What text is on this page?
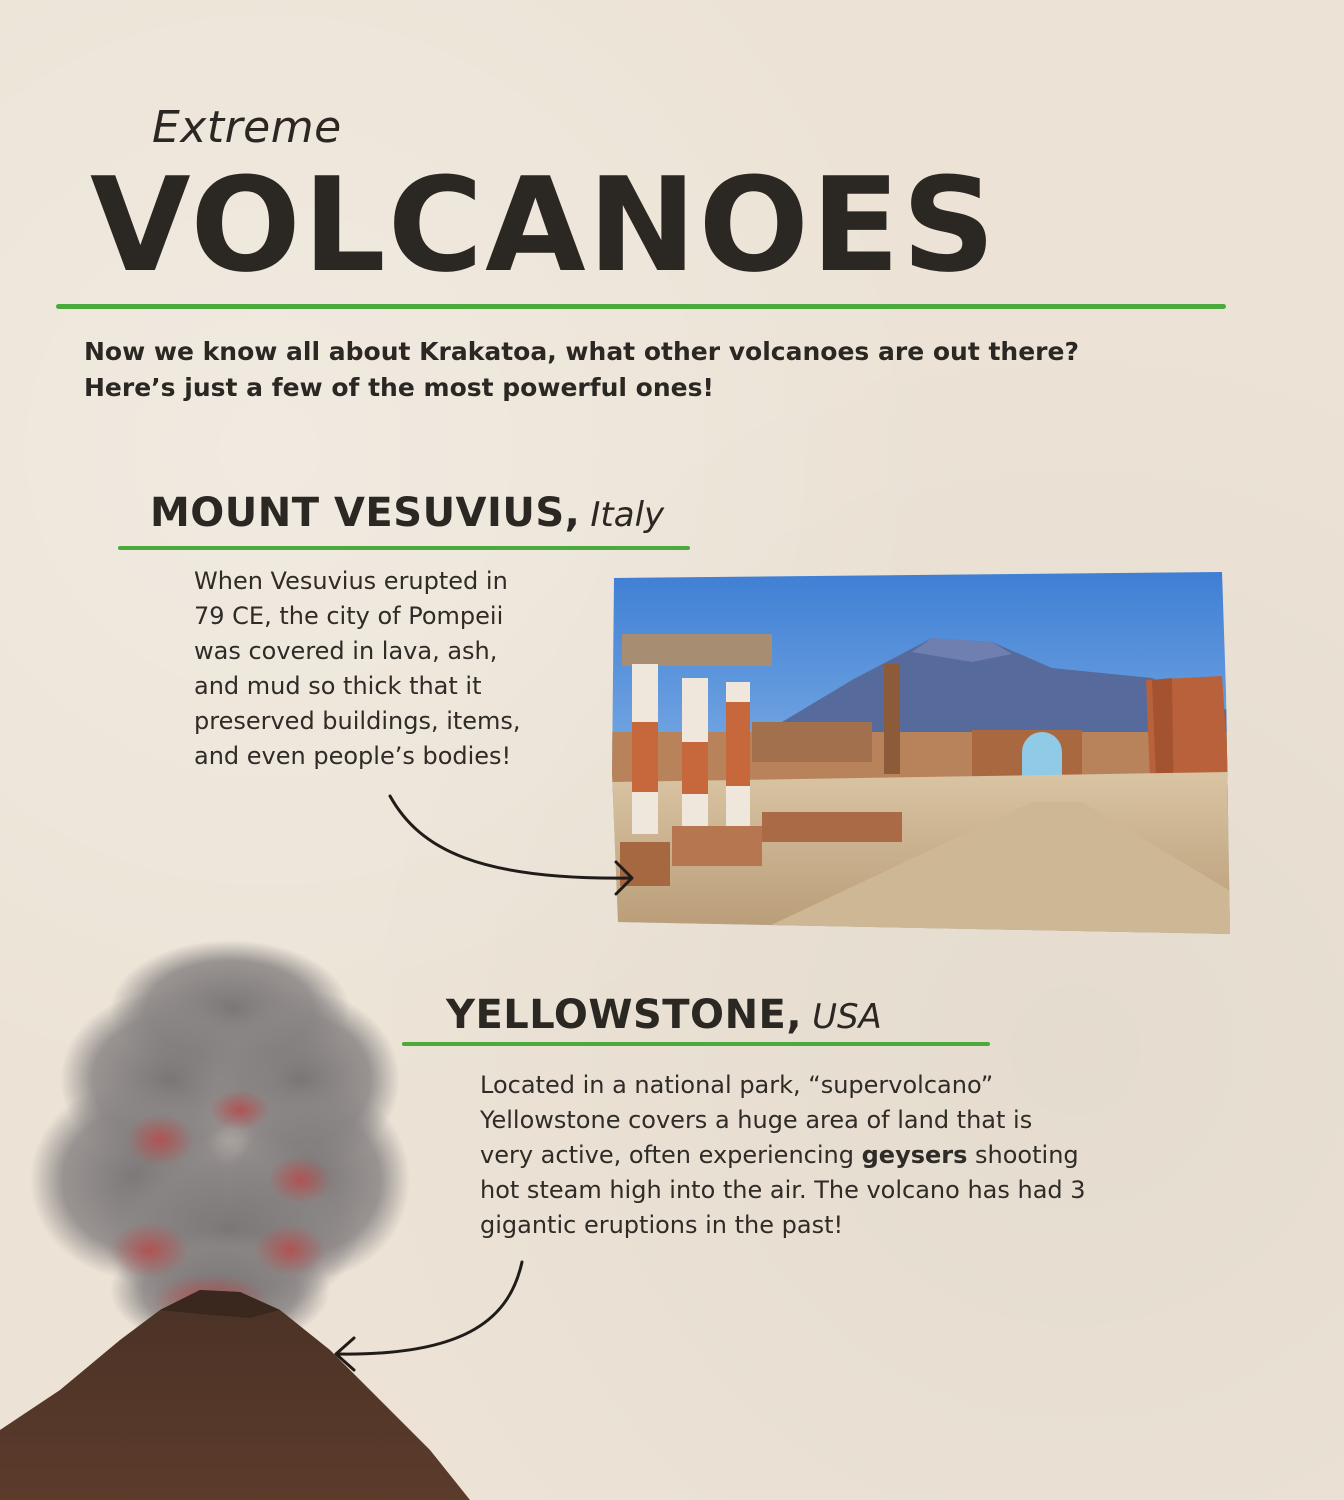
Extreme
VOLCANOES

Now we know all about Krakatoa, what other volcanoes are out there?

Here’s just a few of the most powerful ones!

MOUNT VESUVIUS, Italy
When Vesuvius erupted in
79 CE, the city of Pompeii
was covered in lava, ash,
and mud so thick that it
preserved buildings, items,
and even people’s bodies!
YELLOWSTONE, USA
Located in a national park, “supervolcano”
Yellowstone covers a huge area of land that is
very active, often experiencing geysers shooting
hot steam high into the air. The volcano has had 3
gigantic eruptions in the past!
